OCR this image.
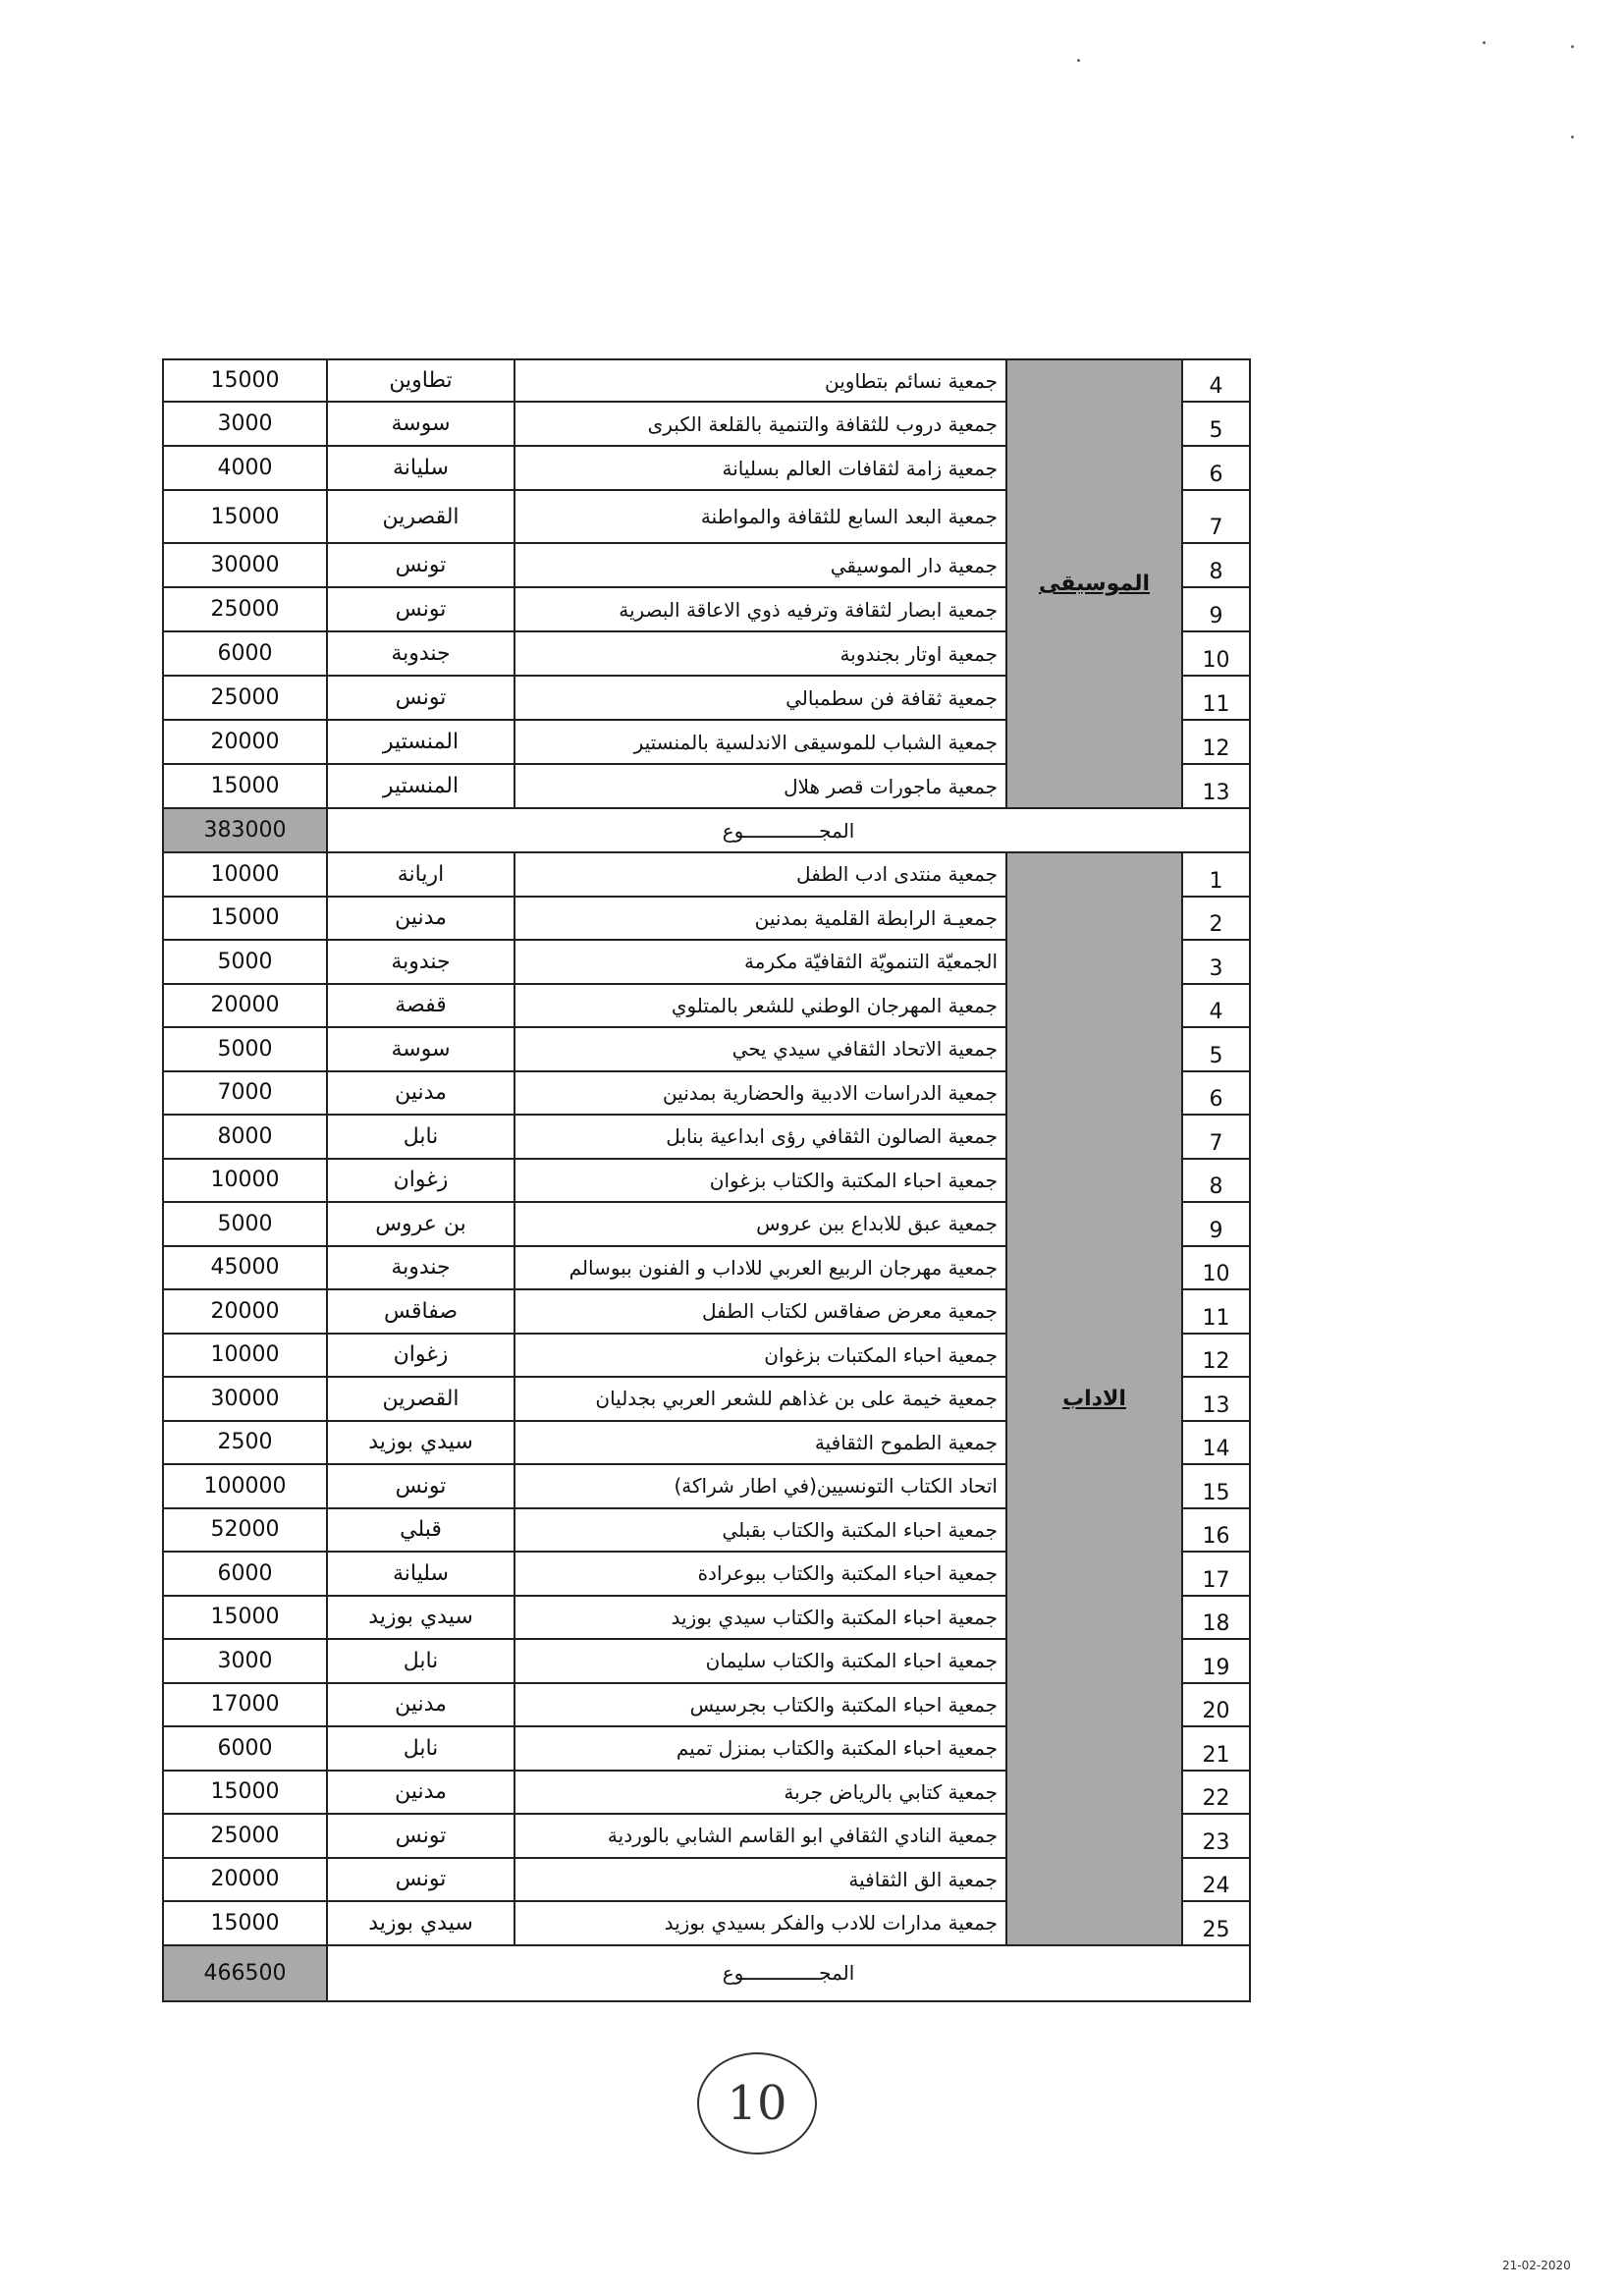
15000	تطاوين	جمعية نسائم بتطاوين	الموسيقى	4
3000	سوسة	جمعية دروب للثقافة والتنمية بالقلعة الكبرى		5
4000	سليانة	جمعية زامة لثقافات العالم بسليانة		6
15000	القصرين	جمعية البعد السابع للثقافة والمواطنة		7
30000	تونس	جمعية دار الموسيقي		8
25000	تونس	جمعية ابصار لثقافة وترفيه ذوي الاعاقة البصرية		9
6000	جندوبة	جمعية اوتار بجندوبة		10
25000	تونس	جمعية ثقافة فن سطمبالي		11
20000	المنستير	جمعية الشباب للموسيقى الاندلسية بالمنستير		12
15000	المنستير	جمعية ماجورات قصر هلال		13
383000	المجـــــــــــــوع			
10000	اريانة	جمعية منتدى ادب الطفل	الاداب	1
15000	مدنين	جمعيـة الرابطة القلمية بمدنين		2
5000	جندوبة	الجمعيّة التنمويّة الثقافيّة مكرمة		3
20000	قفصة	جمعية المهرجان الوطني للشعر بالمتلوي		4
5000	سوسة	جمعية الاتحاد الثقافي سيدي يحي		5
7000	مدنين	جمعية الدراسات الادبية والحضارية بمدنين		6
8000	نابل	جمعية الصالون الثقافي رؤى ابداعية بنابل		7
10000	زغوان	جمعية احباء المكتبة والكتاب بزغوان		8
5000	بن عروس	جمعية عبق للابداع ببن عروس		9
45000	جندوبة	جمعية مهرجان الربيع العربي للاداب و الفنون ببوسالم		10
20000	صفاقس	جمعية معرض صفاقس لكتاب الطفل		11
10000	زغوان	جمعية احباء المكتبات بزغوان		12
30000	القصرين	جمعية خيمة على بن غذاهم للشعر العربي بجدليان		13
2500	سيدي بوزيد	جمعية الطموح الثقافية		14
100000	تونس	اتحاد الكتاب التونسيين(في اطار شراكة)		15
52000	قبلي	جمعية احباء المكتبة والكتاب بقبلي		16
6000	سليانة	جمعية احباء المكتبة والكتاب ببوعرادة		17
15000	سيدي بوزيد	جمعية احباء المكتبة والكتاب سيدي بوزيد		18
3000	نابل	جمعية احباء المكتبة والكتاب سليمان		19
17000	مدنين	جمعية احباء المكتبة والكتاب بجرسيس		20
6000	نابل	جمعية احباء المكتبة والكتاب بمنزل تميم		21
15000	مدنين	جمعية كتابي بالرياض جربة		22
25000	تونس	جمعية النادي الثقافي ابو القاسم الشابي بالوردية		23
20000	تونس	جمعية الق الثقافية		24
15000	سيدي بوزيد	جمعية مدارات للادب والفكر بسيدي بوزيد		25
466500	المجـــــــــــــوع			
10
21-02-2020
